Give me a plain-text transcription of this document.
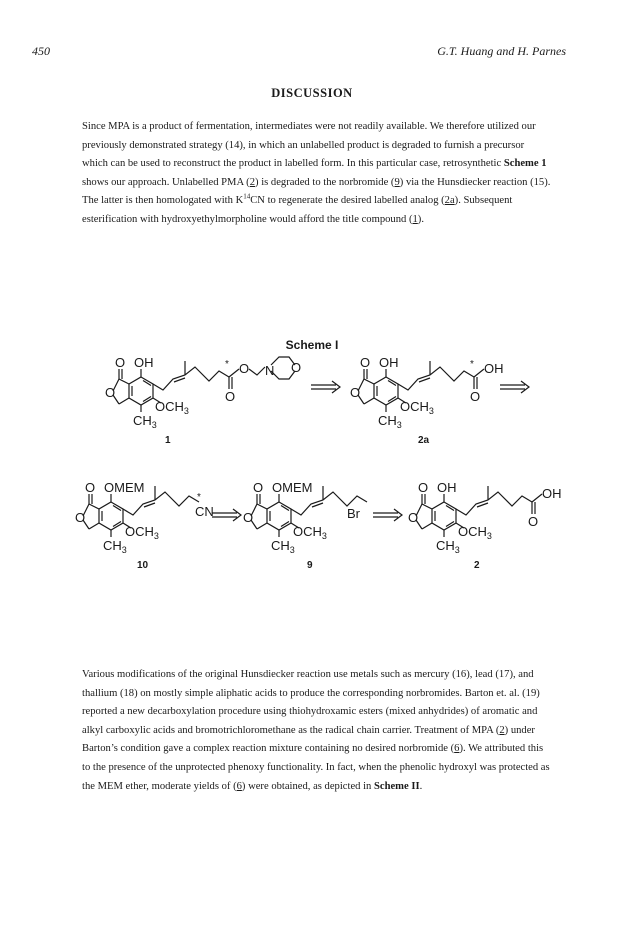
450	G.T. Huang and H. Parnes
DISCUSSION

Since MPA is a product of fermentation, intermediates were not readily available. We therefore utilized our previously demonstrated strategy (14), in which an unlabelled product is degraded to furnish a precursor which can be used to reconstruct the product in labelled form. In this particular case, retrosynthetic Scheme 1 shows our approach. Unlabelled PMA (2) is degraded to the norbromide (9) via the Hunsdiecker reaction (15). The latter is then homologated with $K^{14}CN$ to regenerate the desired labelled analog (2a). Subsequent esterification with hydroxyethylmorpholine would afford the title compound (1).

Scheme I
O OH
O
$OCH_3$
$CH_3$
*
O
O N O
1
O OH
O
$OCH_3$
$CH_3$
*
O
OH
2a
O OMEM
O
$OCH_3$
$CH_3$
*
CN
10
O OMEM
O
$OCH_3$
$CH_3$
Br
9
O OH
O
$OCH_3$
$CH_3$
O
OH
2

Various modifications of the original Hunsdiecker reaction use metals such as mercury (16), lead (17), and thallium (18) on mostly simple aliphatic acids to produce the corresponding norbromides. Barton et. al. (19) reported a new decarboxylation procedure using thiohydroxamic esters (mixed anhydrides) of aromatic and alkyl carboxylic acids and bromotrichloromethane as the radical chain carrier. Treatment of MPA (2) under Barton’s condition gave a complex reaction mixture containing no desired norbromide (6). We attributed this to the presence of the unprotected phenoxy functionality. In fact, when the phenolic hydroxyl was protected as the MEM ether, moderate yields of (6) were obtained, as depicted in Scheme II.
